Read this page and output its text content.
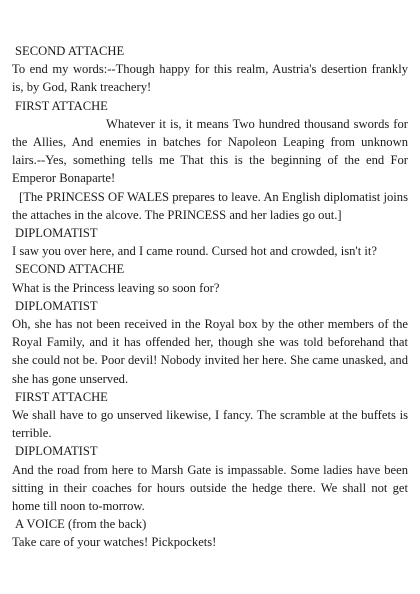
SECOND ATTACHE

To end my words:--Though happy for this realm, Austria's desertion frankly is, by God, Rank treachery!

FIRST ATTACHE

Whatever it is, it means Two hundred thousand swords for the Allies, And enemies in batches for Napoleon Leaping from unknown lairs.--Yes, something tells me That this is the beginning of the end For Emperor Bonaparte!

[The PRINCESS OF WALES prepares to leave. An English diplomatist joins the attaches in the alcove. The PRINCESS and her ladies go out.]

DIPLOMATIST

I saw you over here, and I came round. Cursed hot and crowded, isn't it?

SECOND ATTACHE

What is the Princess leaving so soon for?

DIPLOMATIST

Oh, she has not been received in the Royal box by the other members of the Royal Family, and it has offended her, though she was told beforehand that she could not be. Poor devil! Nobody invited her here. She came unasked, and she has gone unserved.

FIRST ATTACHE

We shall have to go unserved likewise, I fancy. The scramble at the buffets is terrible.

DIPLOMATIST

And the road from here to Marsh Gate is impassable. Some ladies have been sitting in their coaches for hours outside the hedge there. We shall not get home till noon to-morrow.

A VOICE (from the back)

Take care of your watches! Pickpockets!
